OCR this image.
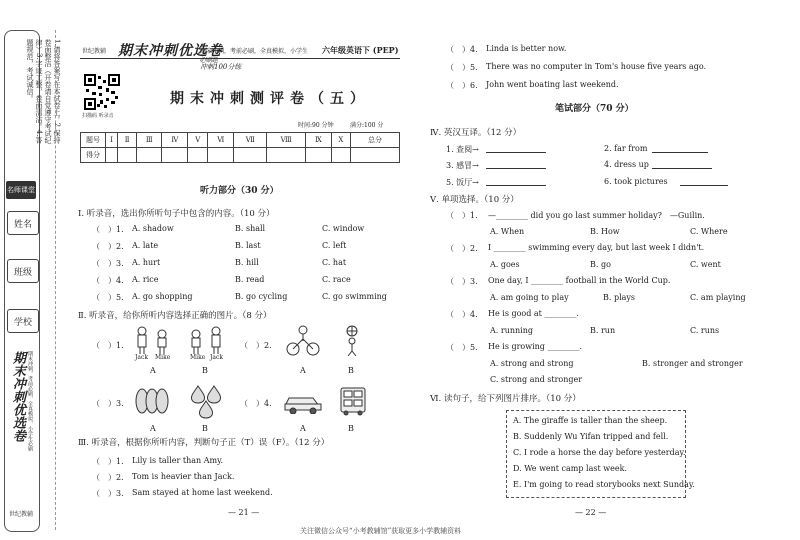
1.请将答案写在本试卷上。2.保持卷面整洁（开卷请自觉遵守考试纪律）3.字迹工整，卷面清洁。4.答题规范，考试诚信。
名师课堂
姓名
班级
学校
期末冲刺优选卷 期末冲刺，考前必刷，全真模拟，小学生必刷
世纪教辅
世纪教辅 期末冲刺优选卷
期末冲刺，考前必刷，全真模拟，小学生必刷题
六年级英语下 (PEP)
冲刺100分练
扫描码 听录音
期末冲刺测评卷（五）
时间:90 分钟	满分:100 分
题号	Ⅰ	Ⅱ	Ⅲ	Ⅳ	Ⅴ	Ⅵ	Ⅶ	Ⅷ	Ⅸ	Ⅹ	总分
得分											
听力部分（30 分）
Ⅰ. 听录音，选出你所听句子中包含的内容。（10 分）
（　）1. A. shadow	B. shall	C. window
（　）2. A. late	B. last	C. left
（　）3. A. hurt	B. hill	C. hat
（　）4. A. rice	B. read	C. race
（　）5. A. go shopping	B. go cycling	C. go swimming
Ⅱ. 听录音，给你所听内容选择正确的图片。（8 分）
（　）1.
Jack Mike
A
Mike Jack
B
（　）2.
A	B
（　）3.
A	B
（　）4.
A	B
Ⅲ. 听录音，根据你所听内容，判断句子正（T）误（F）。（12 分）
（　）1. Lily is taller than Amy.
（　）2. Tom is heavier than Jack.
（　）3. Sam stayed at home last weekend.
— 21 —
（　）4. Linda is better now.
（　）5. There was no computer in Tom's house five years ago.
（　）6. John went boating last weekend.
笔试部分（70 分）
Ⅳ. 英汉互译。（12 分）
1. 查阅→	2. far from
3. 感冒→	4. dress up
5. 饭厅→	6. took pictures
Ⅴ. 单项选择。（10 分）
（　）1. —________ did you go last summer holiday?　—Guilin.
A. When	B. How	C. Where
（　）2. I ________ swimming every day, but last week I didn't.
A. goes	B. go	C. went
（　）3. One day, I ________ football in the World Cup.
A. am going to play	B. plays	C. am playing
（　）4. He is good at ________.
A. running	B. run	C. runs
（　）5. He is growing ________.
A. strong and strong	B. stronger and stronger
C. strong and stronger
Ⅵ. 读句子，给下列图片排序。（10 分）
A. The giraffe is taller than the sheep.
B. Suddenly Wu Yifan tripped and fell.
C. I rode a horse the day before yesterday.
D. We went camp last week.
E. I'm going to read storybooks next Sunday.
— 22 —
关注微信公众号“小考教辅馆”获取更多小学教辅资料
